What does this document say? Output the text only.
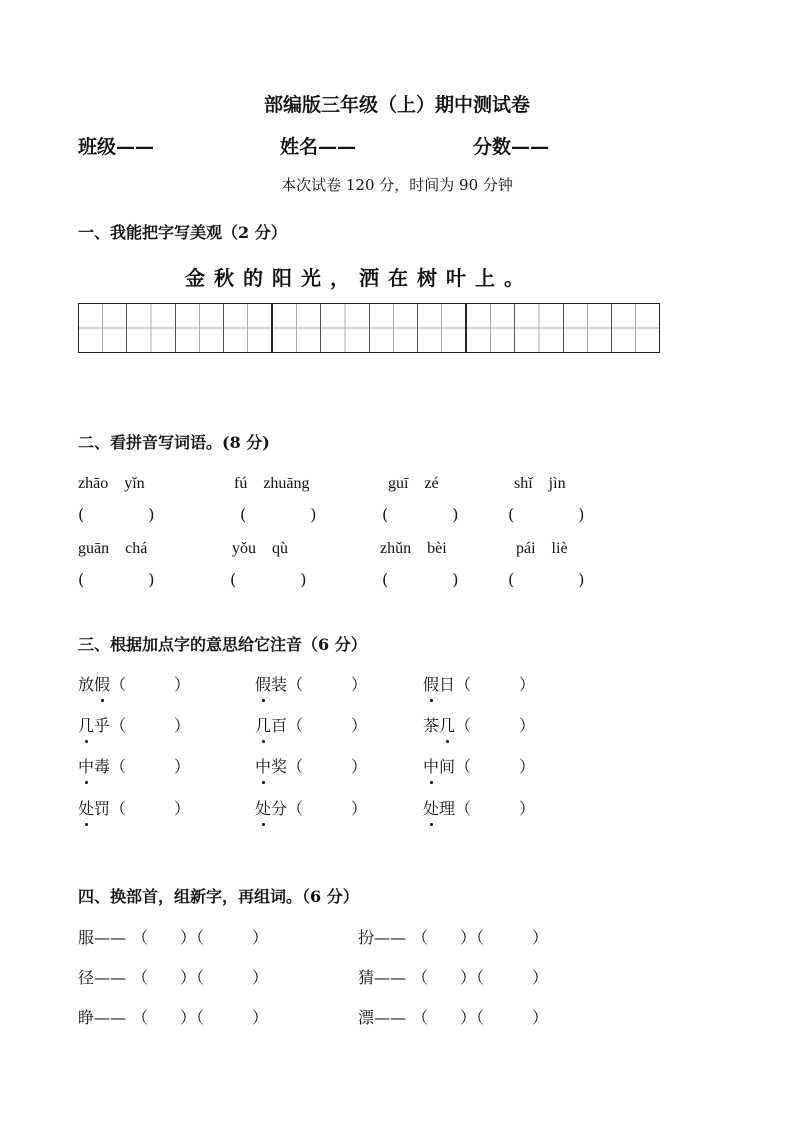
部编版三年级（上）期中测试卷
班级——	姓名——	分数——
本次试卷 120 分，时间为 90 分钟
一、我能把字写美观（2 分）
金秋的阳光，洒在树叶上。
二、看拼音写词语。(8 分)
zhāo　yǐn	fú　zhuāng	guī　zé	shǐ　jìn
(　　　　)	(　　　　)	(　　　　)	(　　　　)
guān　chá	yǒu　qù	zhǔn　bèi	pái　liè
(　　　　)	(　　　　)	(　　　　)	(　　　　)
三、根据加点字的意思给它注音（6 分）
放假（　　　）	假装（　　　）	假日（　　　）
几乎（　　　）	几百（　　　）	茶几（　　　）
中毒（　　　）	中奖（　　　）	中间（　　　）
处罚（　　　）	处分（　　　）	处理（　　　）
四、换部首，组新字，再组词。（6 分）
服—— （　　）（　　　）	扮—— （　　）（　　　）
径—— （　　）（　　　）	猜—— （　　）（　　　）
睁—— （　　）（　　　）	漂—— （　　）（　　　）
